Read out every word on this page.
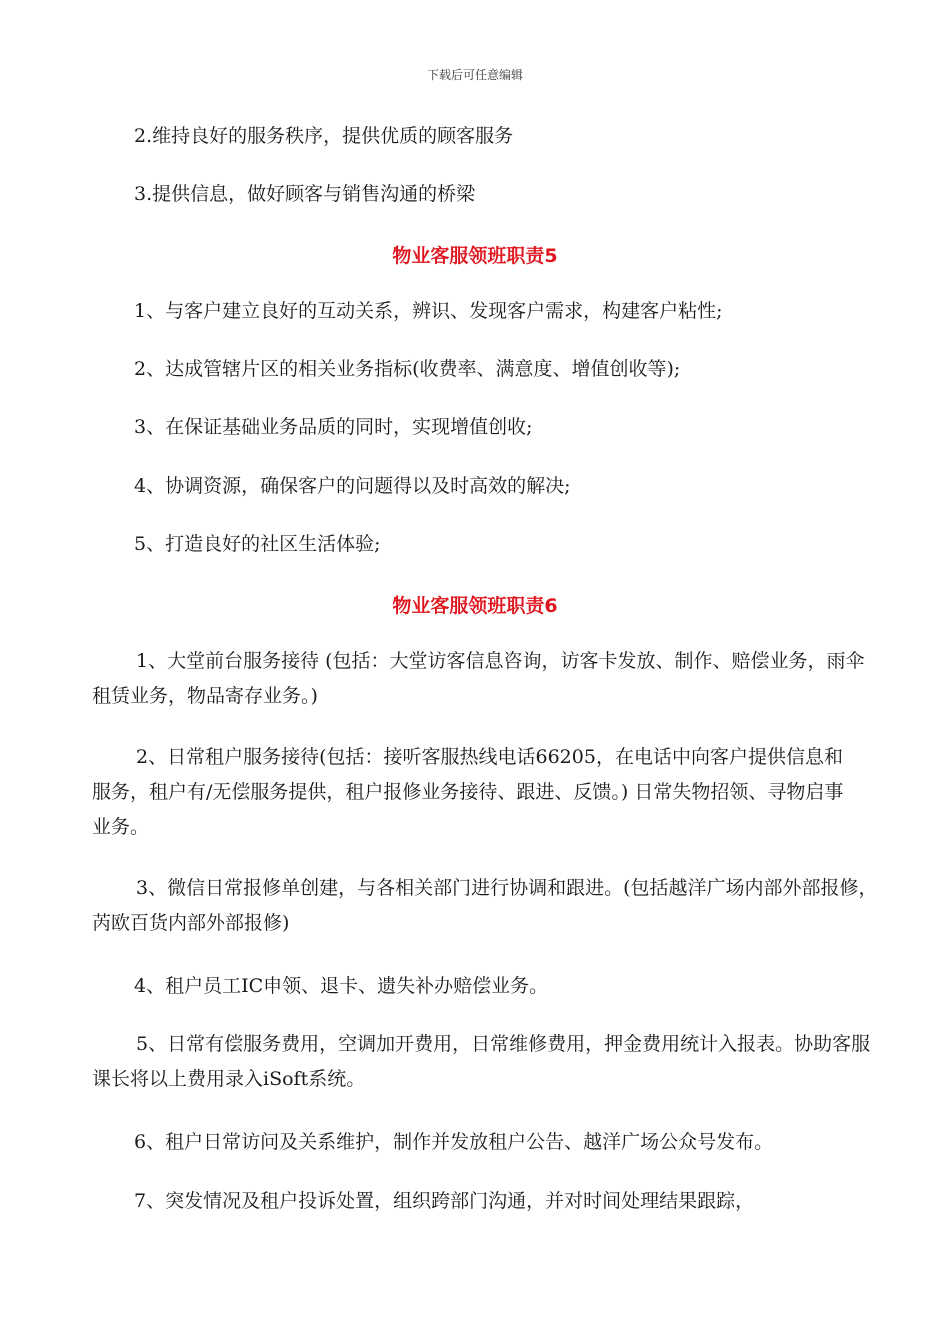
下载后可任意编辑
2.维持良好的服务秩序，提供优质的顾客服务
3.提供信息，做好顾客与销售沟通的桥梁
物业客服领班职责5
1、与客户建立良好的互动关系，辨识、发现客户需求，构建客户粘性;
2、达成管辖片区的相关业务指标(收费率、满意度、增值创收等);
3、在保证基础业务品质的同时，实现增值创收;
4、协调资源，确保客户的问题得以及时高效的解决;
5、打造良好的社区生活体验;
物业客服领班职责6
1、大堂前台服务接待 (包括：大堂访客信息咨询，访客卡发放、制作、赔偿业务，雨伞租赁业务，物品寄存业务。)
2、日常租户服务接待(包括：接听客服热线电话66205，在电话中向客户提供信息和服务，租户有/无偿服务提供，租户报修业务接待、跟进、反馈。) 日常失物招领、寻物启事业务。
3、微信日常报修单创建，与各相关部门进行协调和跟进。(包括越洋广场内部外部报修，芮欧百货内部外部报修)
4、租户员工IC申领、退卡、遗失补办赔偿业务。
5、日常有偿服务费用，空调加开费用，日常维修费用，押金费用统计入报表。协助客服课长将以上费用录入iSoft系统。
6、租户日常访问及关系维护，制作并发放租户公告、越洋广场公众号发布。
7、突发情况及租户投诉处置，组织跨部门沟通，并对时间处理结果跟踪，
